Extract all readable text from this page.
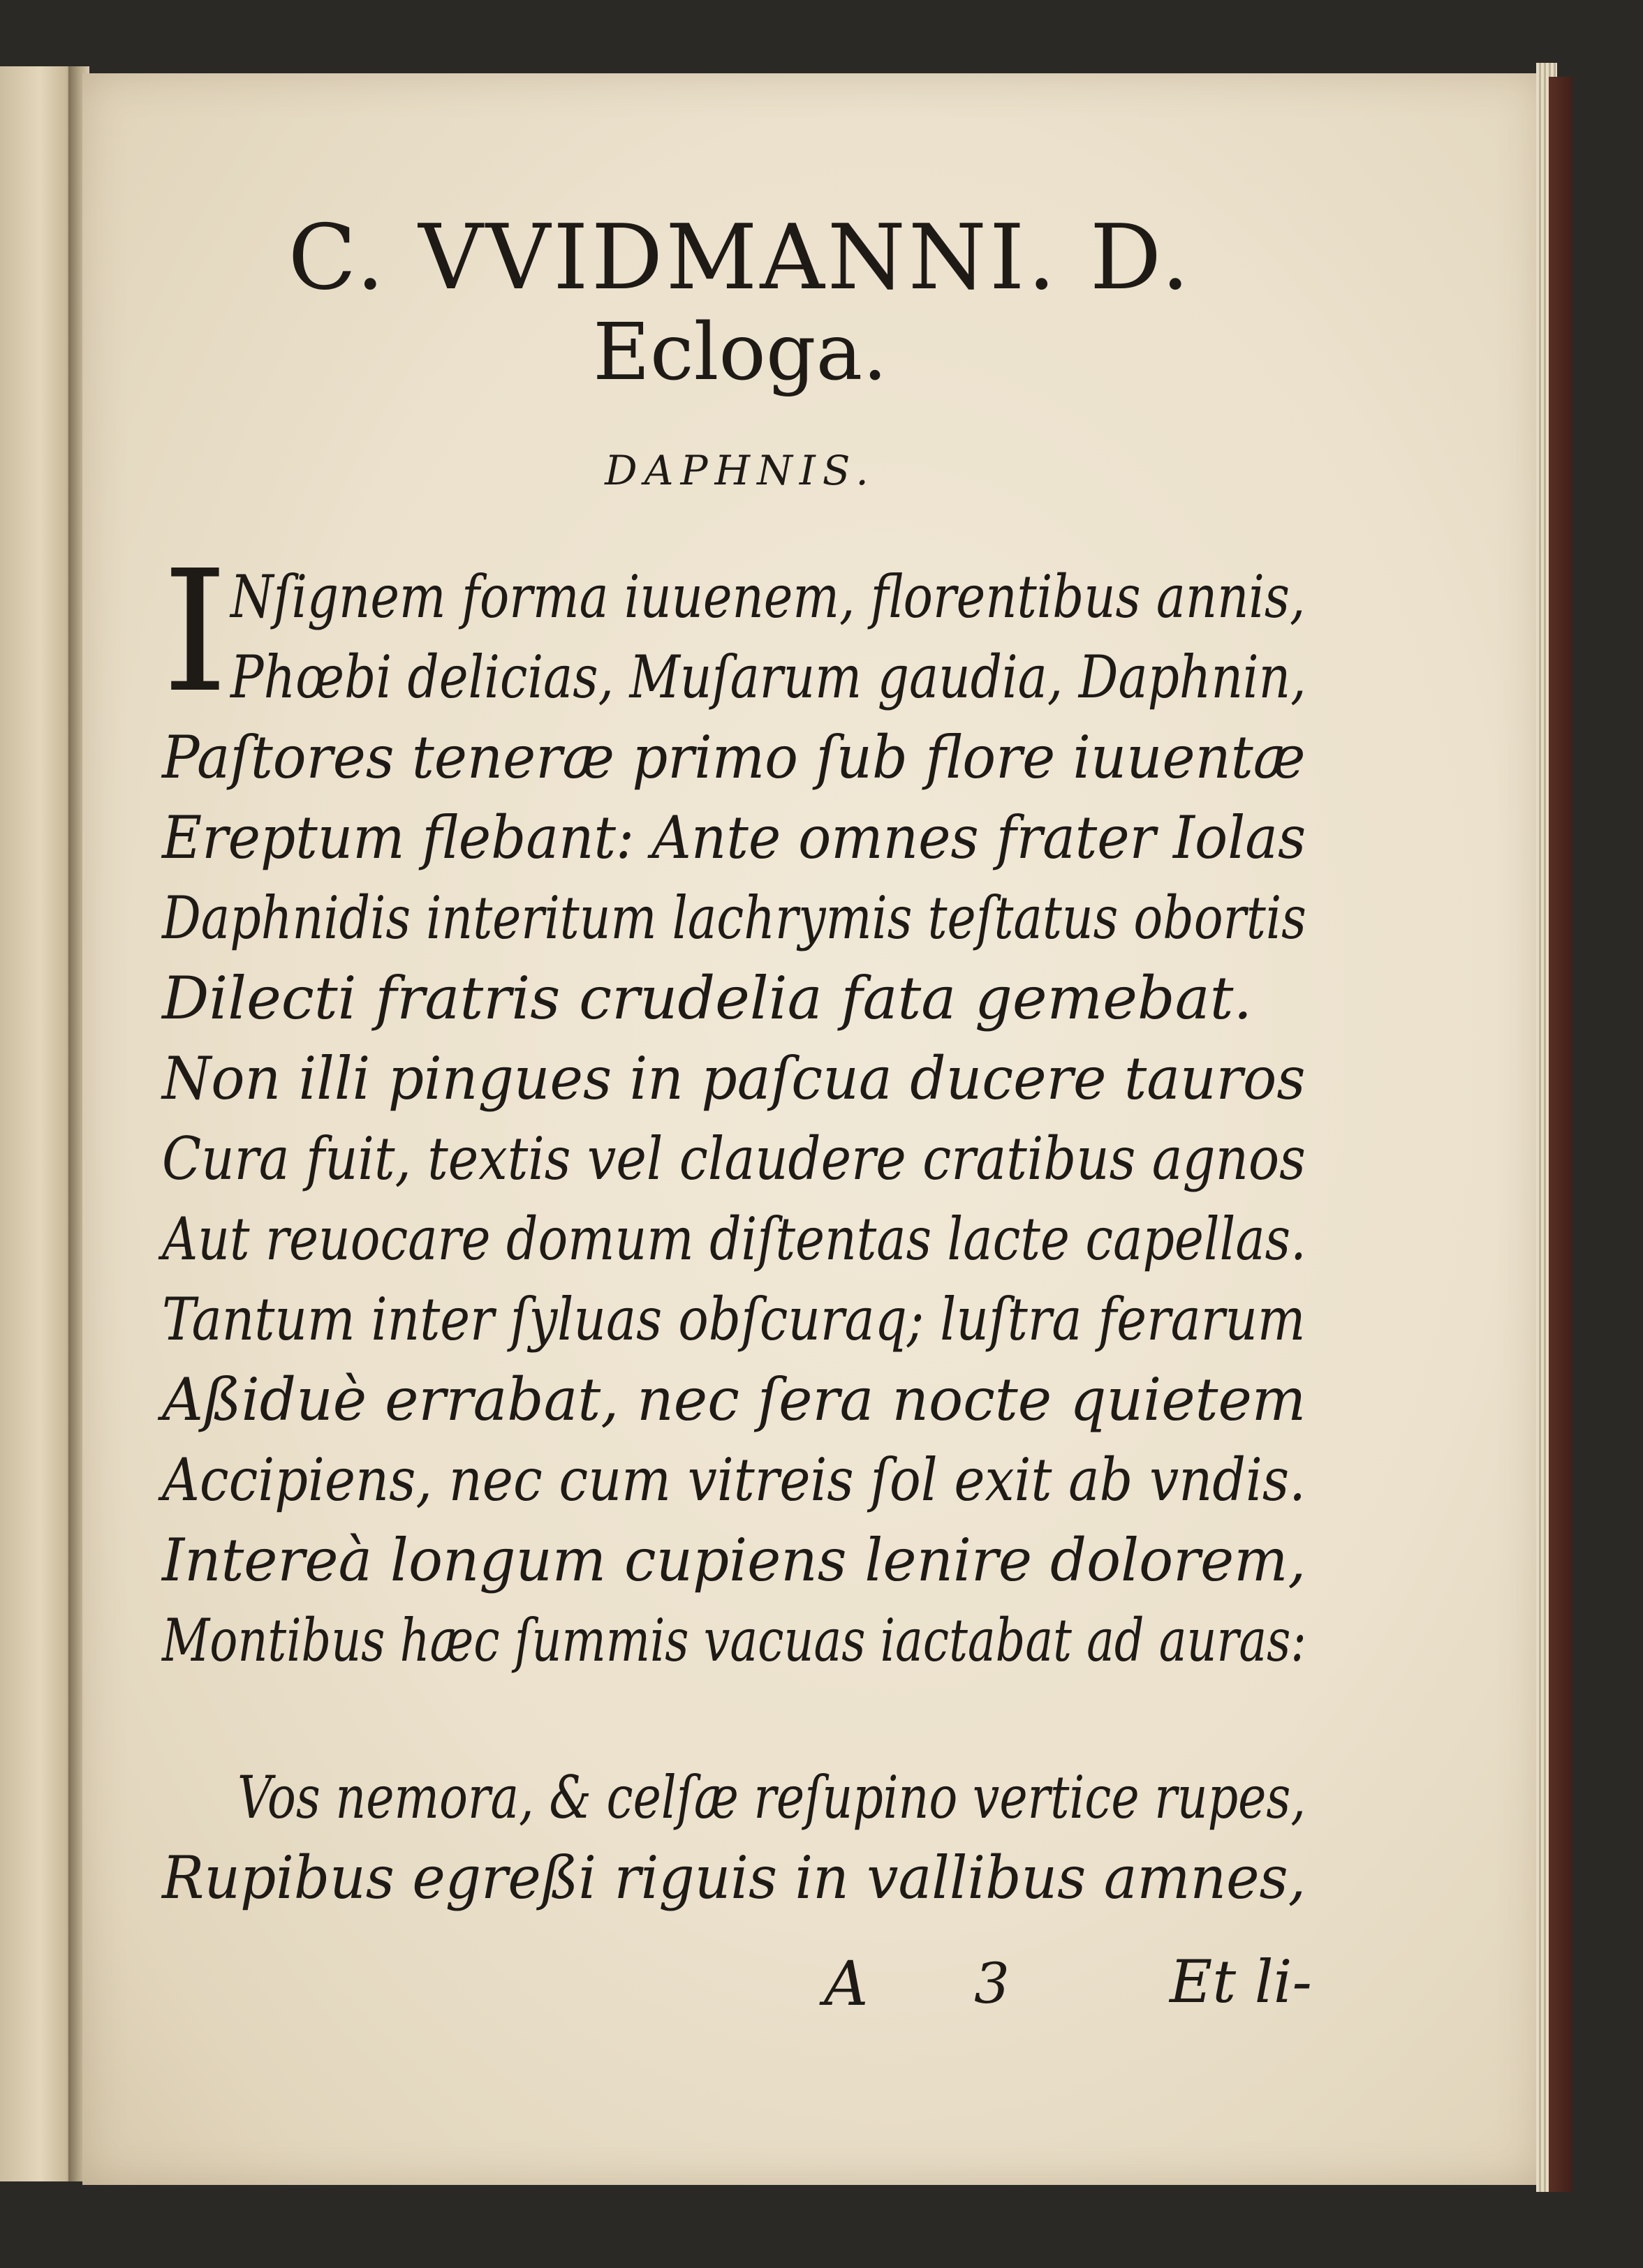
C. VVIDMANNI. D.
Ecloga.
DAPHNIS.
I Nſignem forma iuuenem, florentibus annis,
Phœbi delicias, Muſarum gaudia, Daphnin,
Paſtores teneræ primo ſub flore iuuentæ
Ereptum flebant: Ante omnes frater Iolas
Daphnidis interitum lachrymis teſtatus obortis
Dilecti fratris crudelia fata gemebat.
Non illi pingues in paſcua ducere tauros
Cura fuit, textis vel claudere cratibus agnos
Aut reuocare domum diſtentas lacte capellas.
Tantum inter ſyluas obſcuraq; luſtra ferarum
Aßiduè errabat, nec ſera nocte quietem
Accipiens, nec cum vitreis ſol exit ab vndis.
Intereà longum cupiens lenire dolorem,
Montibus hæc ſummis vacuas iactabat ad auras:
Vos nemora, & celſæ reſupino vertice rupes,
Rupibus egreßi riguis in vallibus amnes,
A 3	Et li-
